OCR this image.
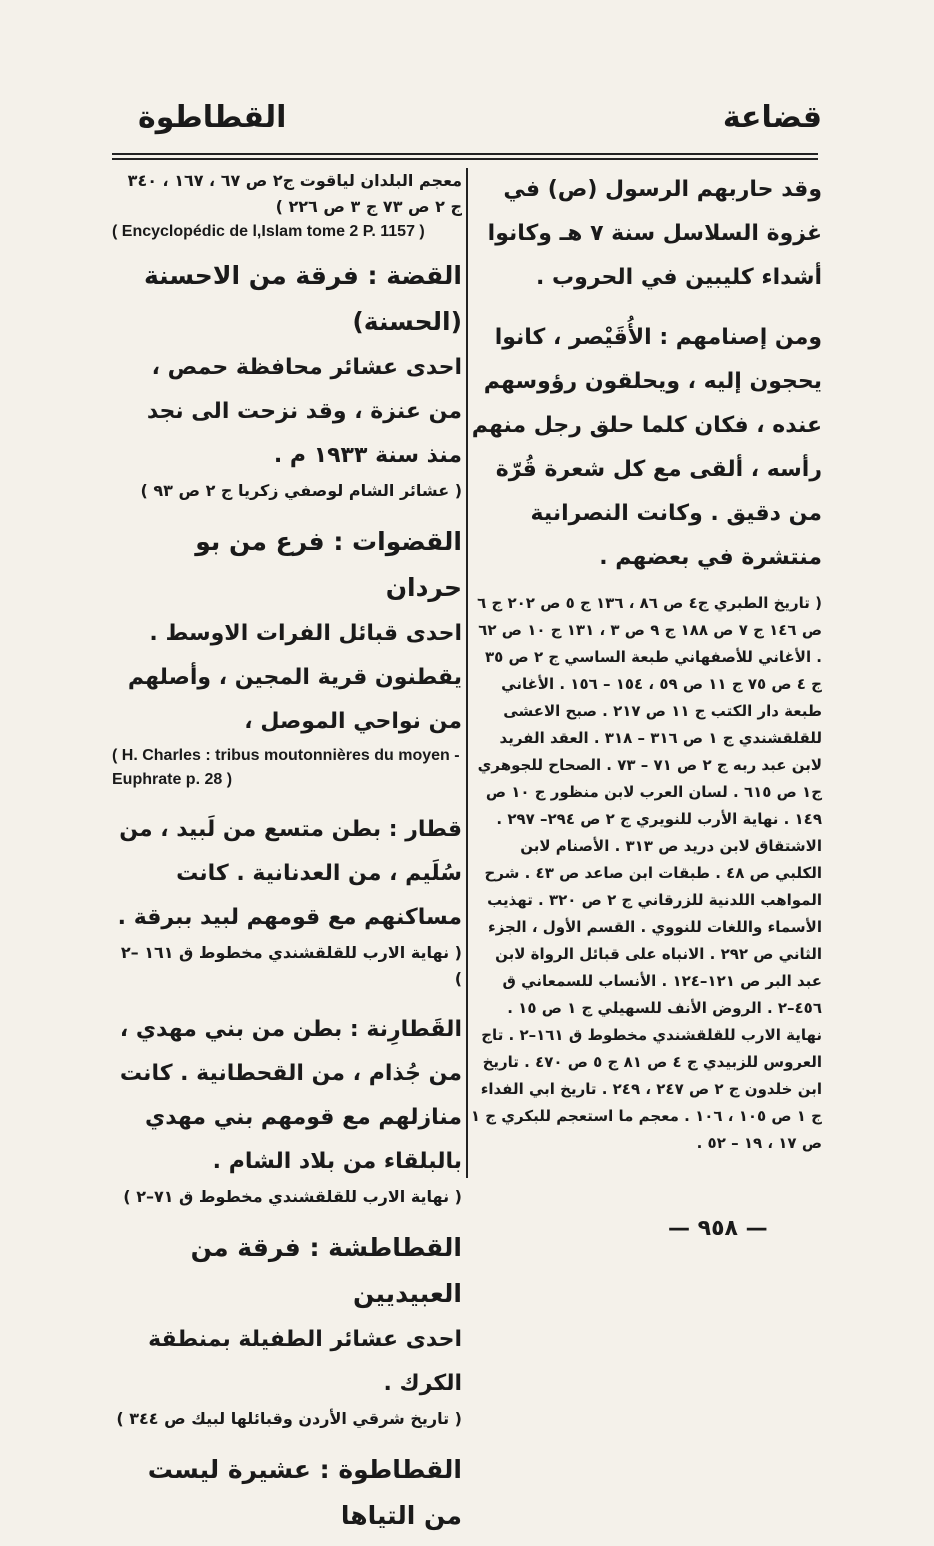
قضاعة
القطاطوة

وقد حاربهم الرسول (ص) في غزوة السلاسل سنة ٧ هـ وكانوا أشداء كليبين في الحروب .

ومن إصنامهم : الأُقَيْصر ، كانوا يحجون إليه ، ويحلقون رؤوسهم عنده ، فكان كلما حلق رجل منهم رأسه ، ألقى مع كل شعرة قُرّة من دقيق . وكانت النصرانية منتشرة في بعضهم .

( تاريخ الطبري ج٤ ص ٨٦ ، ١٣٦ ج ٥ ص ٢٠٢ ج ٦ ص ١٤٦ ج ٧ ص ١٨٨ ج ٩ ص ٣ ، ١٣١ ج ١٠ ص ٦٢ . الأغاني للأصفهاني طبعة الساسي ج ٢ ص ٣٥ ج ٤ ص ٧٥ ج ١١ ص ٥٩ ، ١٥٤ – ١٥٦ . الأغاني طبعة دار الكتب ج ١١ ص ٢١٧ . صبح الاعشى للقلقشندي ج ١ ص ٣١٦ – ٣١٨ . العقد الفريد لابن عبد ربه ج ٢ ص ٧١ – ٧٣ . الصحاح للجوهري ج١ ص ٦١٥ . لسان العرب لابن منظور ج ١٠ ص ١٤٩ . نهاية الأرب للنويري ج ٢ ص ٢٩٤– ٢٩٧ . الاشتقاق لابن دريد ص ٣١٣ . الأصنام لابن الكلبي ص ٤٨ . طبقات ابن صاعد ص ٤٣ . شرح المواهب اللدنية للزرقاني ج ٢ ص ٣٢٠ . تهذيب الأسماء واللغات للنووي . القسم الأول ، الجزء الثاني ص ٢٩٢ . الانباه على قبائل الرواة لابن عبد البر ص ١٢١–١٢٤ . الأنساب للسمعاني ق ٤٥٦–٢ . الروض الأنف للسهيلي ج ١ ص ١٥ . نهاية الارب للقلقشندي مخطوط ق ١٦١–٢ . تاج العروس للزبيدي ج ٤ ص ٨١ ج ٥ ص ٤٧٠ . تاريخ ابن خلدون ج ٢ ص ٢٤٧ ، ٢٤٩ . تاريخ ابي الفداء ج ١ ص ١٠٥ ، ١٠٦ . معجم ما استعجم للبكري ج ١ ص ١٧ ، ١٩ – ٥٢ .

معجم البلدان لياقوت ج٢ ص ٦٧ ، ١٦٧ ، ٣٤٠ ج ٢ ص ٧٣ ج ٣ ص ٢٢٦ )

( Encyclopédic de l,Islam tome 2 P. 1157 )

القضة : فرقة من الاحسنة (الحسنة)

احدى عشائر محافظة حمص ، من عنزة ، وقد نزحت الى نجد منذ سنة ١٩٣٣ م .

( عشائر الشام لوصفي زكريا ج ٢ ص ٩٣ )

القضوات : فرع من بو حردان

احدى قبائل الفرات الاوسط . يقطنون قرية المجين ، وأصلهم من نواحي الموصل ،

( H. Charles : tribus moutonnières du moyen - Euphrate p. 28 )

قطار : بطن متسع من لَبيد ، من سُلَيم ، من العدنانية . كانت مساكنهم مع قومهم لبيد ببرقة .

( نهاية الارب للقلقشندي مخطوط ق ١٦١ –٢ )

القَطارِنة : بطن من بني مهدي ، من جُذام ، من القحطانية . كانت منازلهم مع قومهم بني مهدي بالبلقاء من بلاد الشام .

( نهاية الارب للقلقشندي مخطوط ق ٧١–٢ )

القطاطشة : فرقة من العبيديين

احدى عشائر الطفيلة بمنطقة الكرك .

( تاريخ شرقي الأردن وقبائلها لبيك ص ٣٤٤ )

القطاطوة : عشيرة ليست من التياها

— ٩٥٨ —
